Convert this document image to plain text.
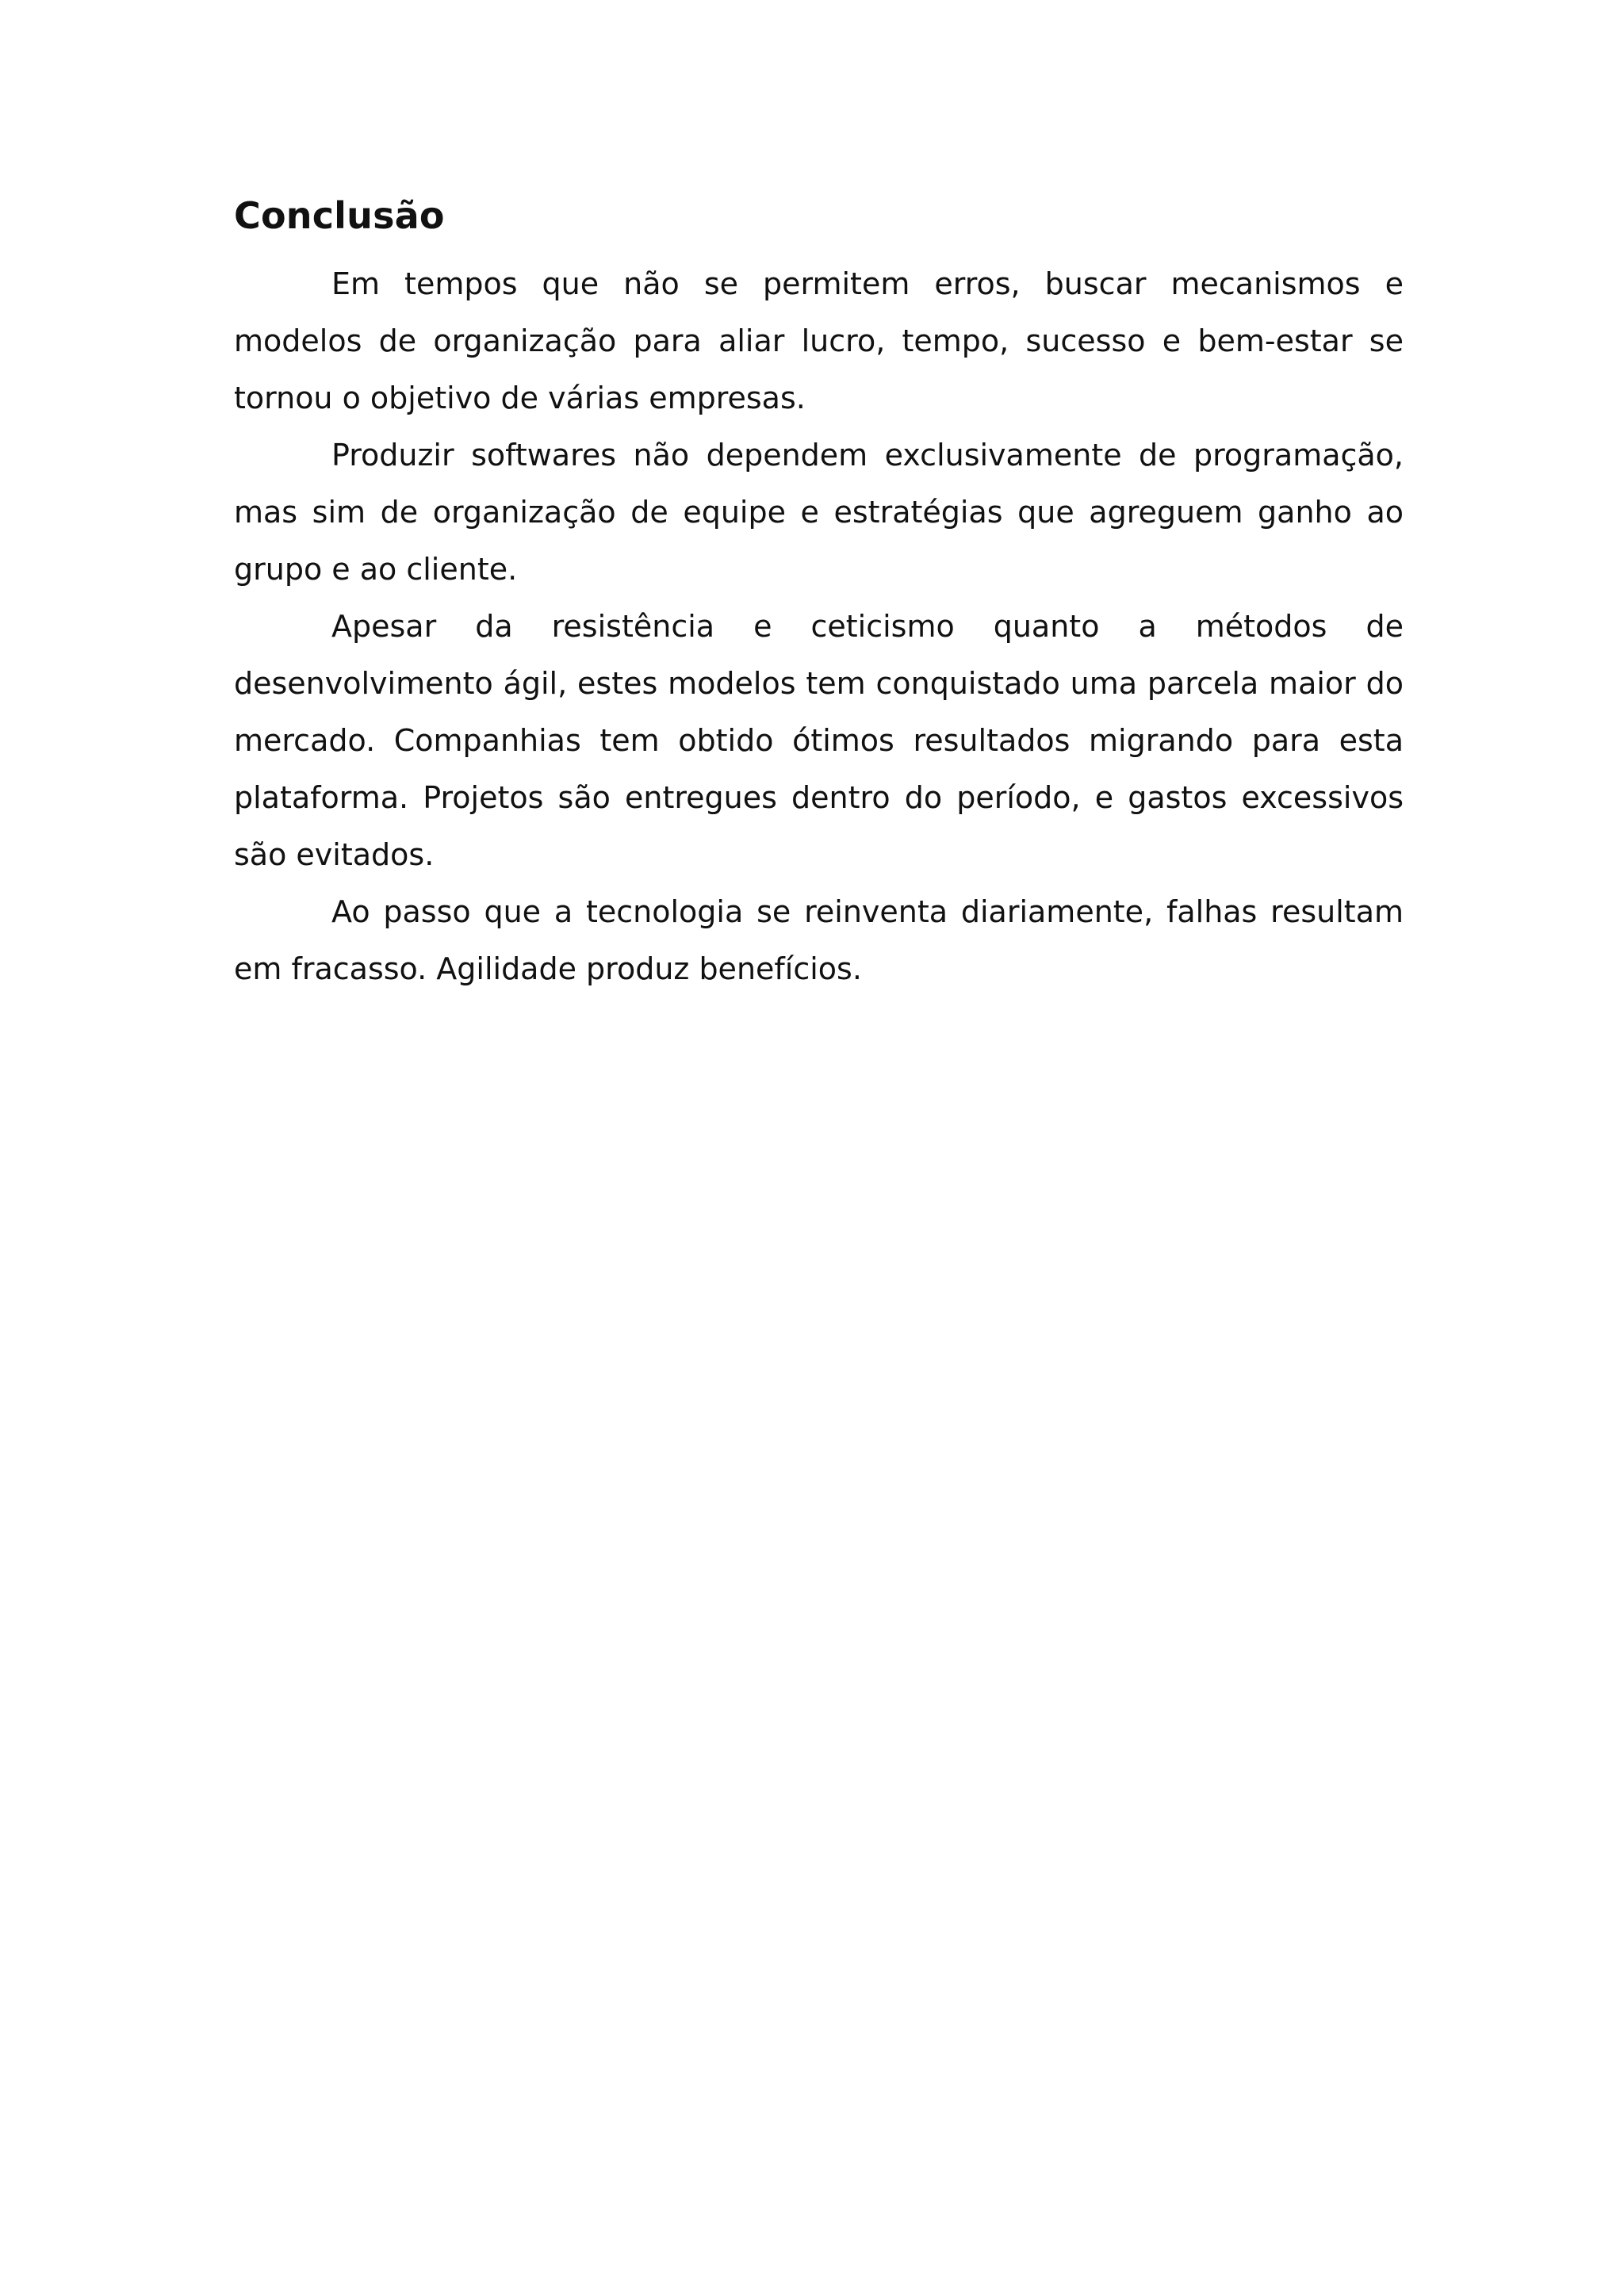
Conclusão

Em tempos que não se permitem erros, buscar mecanismos e modelos de organização para aliar lucro, tempo, sucesso e bem-estar se tornou o objetivo de várias empresas.

Produzir softwares não dependem exclusivamente de programação, mas sim de organização de equipe e estratégias que agreguem ganho ao grupo e ao cliente.

Apesar da resistência e ceticismo quanto a métodos de desenvolvimento ágil, estes modelos tem conquistado uma parcela maior do mercado. Companhias tem obtido ótimos resultados migrando para esta plataforma. Projetos são entregues dentro do período, e gastos excessivos são evitados.

Ao passo que a tecnologia se reinventa diariamente, falhas resultam em fracasso. Agilidade produz benefícios.
